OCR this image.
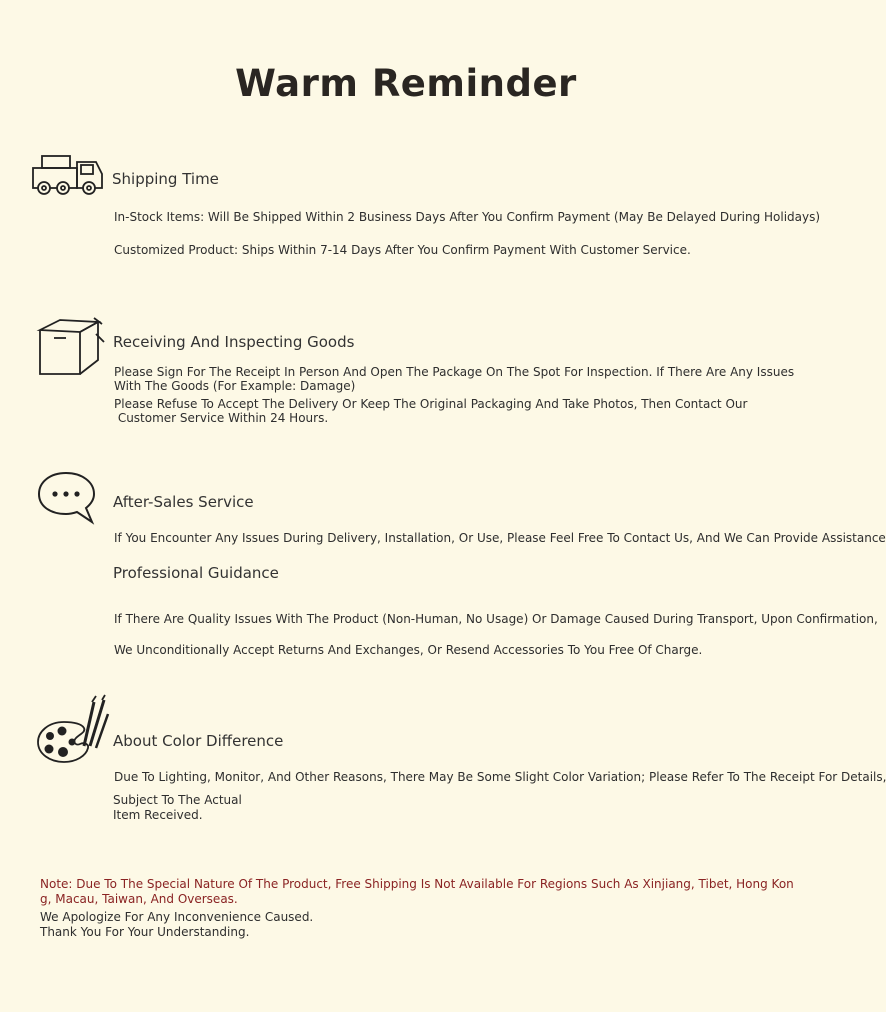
Warm Reminder
Shipping Time
In-Stock Items: Will Be Shipped Within 2 Business Days After You Confirm Payment (May Be Delayed During Holidays)
Customized Product: Ships Within 7-14 Days After You Confirm Payment With Customer Service.
Receiving And Inspecting Goods
Please Sign For The Receipt In Person And Open The Package On The Spot For Inspection. If There Are Any Issues
With The Goods (For Example: Damage)
Please Refuse To Accept The Delivery Or Keep The Original Packaging And Take Photos, Then Contact Our
Customer Service Within 24 Hours.
After-Sales Service
If You Encounter Any Issues During Delivery, Installation, Or Use, Please Feel Free To Contact Us, And We Can Provide Assistance
Professional Guidance
If There Are Quality Issues With The Product (Non-Human, No Usage) Or Damage Caused During Transport, Upon Confirmation,
We Unconditionally Accept Returns And Exchanges, Or Resend Accessories To You Free Of Charge.
About Color Difference
Due To Lighting, Monitor, And Other Reasons, There May Be Some Slight Color Variation; Please Refer To The Receipt For Details,
Subject To The Actual
Item Received.
Note: Due To The Special Nature Of The Product, Free Shipping Is Not Available For Regions Such As Xinjiang, Tibet, Hong Kon
g, Macau, Taiwan, And Overseas.
We Apologize For Any Inconvenience Caused.
Thank You For Your Understanding.
